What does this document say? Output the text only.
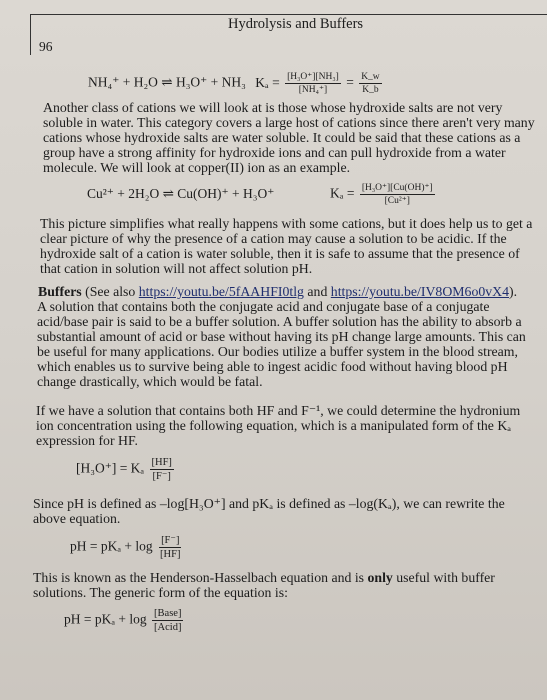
Hydrolysis and Buffers
96
NH₄⁺ + H₂O ⇌ H₃O⁺ + NH₃ $K_a = \frac{\text{[H₃O⁺][NH₃]}}{\text{[NH₄⁺]}} = \frac{K\_w}{K\_b}$
Another class of cations we will look at is those whose hydroxide salts are not very
soluble in water. This category covers a large host of cations since there aren't very many
cations whose hydroxide salts are water soluble. It could be said that these cations as a
group have a strong affinity for hydroxide ions and can pull hydroxide from a water
molecule. We will look at copper(II) ion as an example.
Cu²⁺ + 2H₂O ⇌ Cu(OH)⁺ + H₃O⁺	$K_a = \frac{\text{[H₃O⁺][Cu(OH)⁺]}}{\text{[Cu²⁺]}}$
This picture simplifies what really happens with some cations, but it does help us to get a
clear picture of why the presence of a cation may cause a solution to be acidic. If the
hydroxide salt of a cation is water soluble, then it is safe to assume that the presence of
that cation in solution will not affect solution pH.
Buffers (See also https://youtu.be/5fAAHFI0tlg and https://youtu.be/IV8OM6o0vX4).
A solution that contains both the conjugate acid and conjugate base of a conjugate
acid/base pair is said to be a buffer solution. A buffer solution has the ability to absorb a
substantial amount of acid or base without having its pH change large amounts. This can
be useful for many applications. Our bodies utilize a buffer system in the blood stream,
which enables us to survive being able to ingest acidic food without having blood pH
change drastically, which would be fatal.
If we have a solution that contains both HF and F⁻¹, we could determine the hydronium
ion concentration using the following equation, which is a manipulated form of the Kₐ
expression for HF.
[H₃O⁺] = Kₐ $\frac{[HF]}{[F^-]}$
Since pH is defined as –log[H₃O⁺] and pKₐ is defined as –log(Kₐ), we can rewrite the
above equation.
pH = $pK_a + \log \frac{[F^-]}{[HF]}$
This is known as the Henderson-Hasselbach equation and is only useful with buffer
solutions. The generic form of the equation is:
pH = $pK_a + \log \frac{\text{[Base]}}{\text{[Acid]}}$
